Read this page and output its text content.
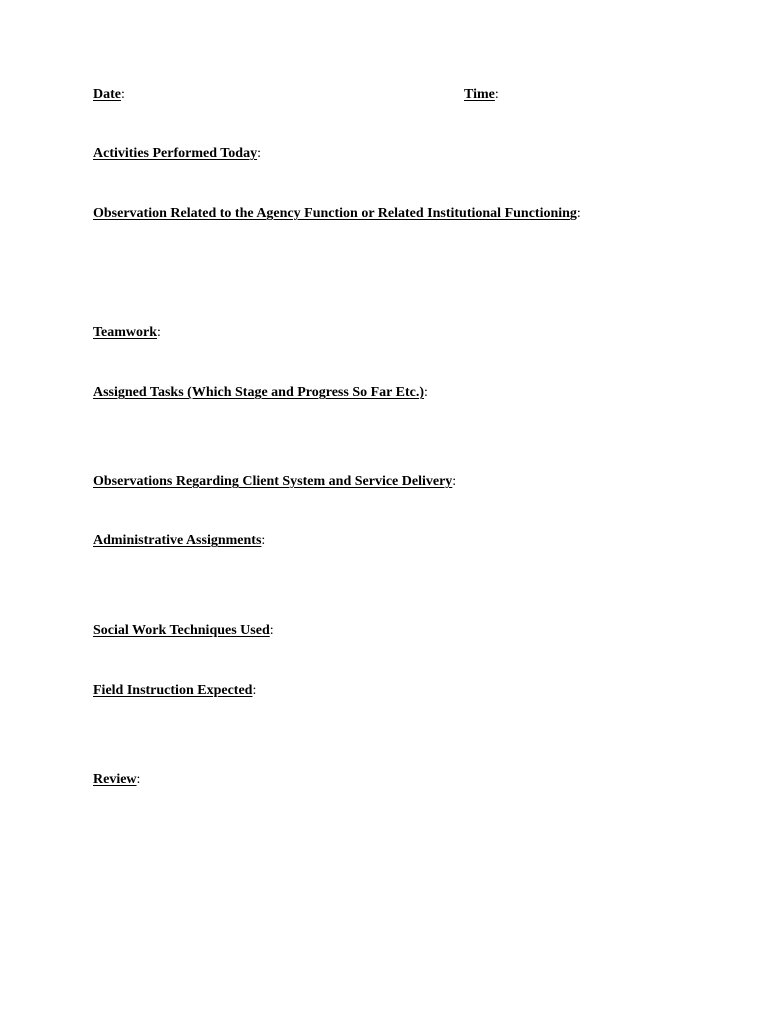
Date:	Time:
Activities Performed Today:
Observation Related to the Agency Function or Related Institutional Functioning:
Teamwork:
Assigned Tasks (Which Stage and Progress So Far Etc.):
Observations Regarding Client System and Service Delivery:
Administrative Assignments:
Social Work Techniques Used:
Field Instruction Expected:
Review:
